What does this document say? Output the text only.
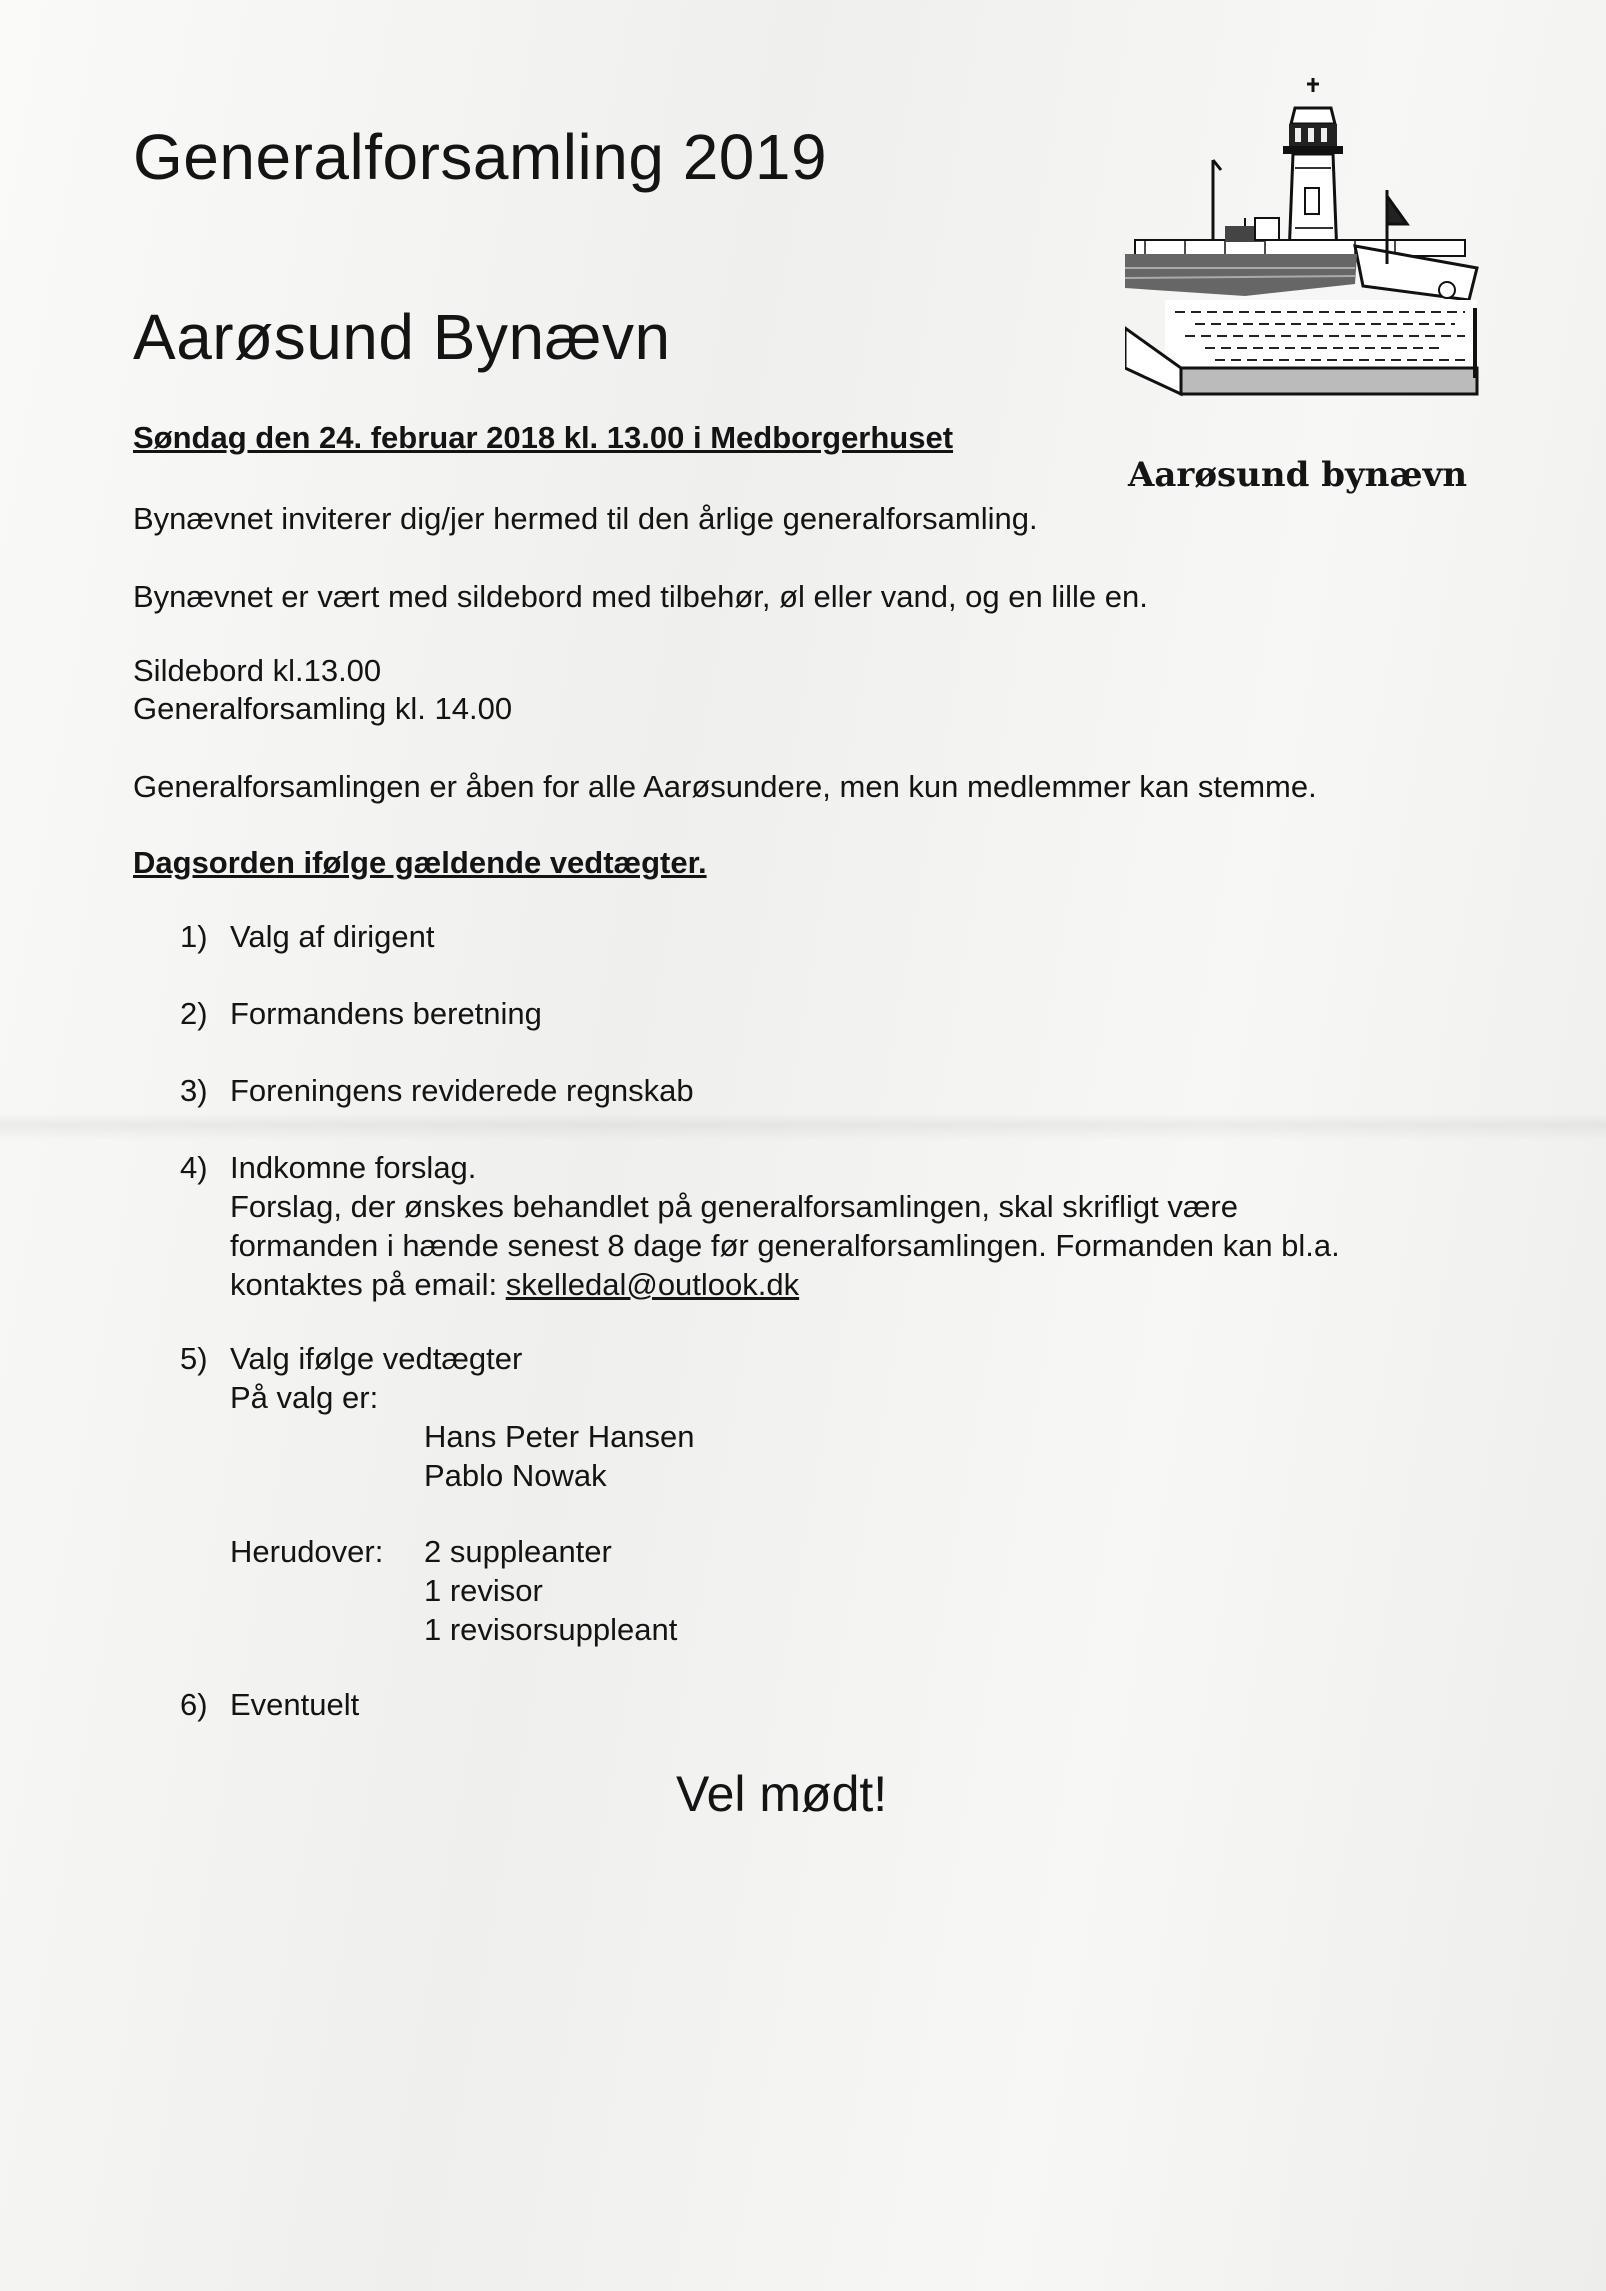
Generalforsamling 2019
Aarøsund Bynævn

Søndag den 24. februar 2018 kl. 13.00 i Medborgerhuset

Aarøsund bynævn

Bynævnet inviterer dig/jer hermed til den årlige generalforsamling.

Bynævnet er vært med sildebord med tilbehør, øl eller vand, og en lille en.

Sildebord kl.13.00

Generalforsamling kl. 14.00

Generalforsamlingen er åben for alle Aarøsundere, men kun medlemmer kan stemme.

Dagsorden ifølge gældende vedtægter.

1) Valg af dirigent
2) Formandens beretning
3) Foreningens reviderede regnskab
4) Indkomne forslag.
Forslag, der ønskes behandlet på generalforsamlingen, skal skrifligt være
formanden i hænde senest 8 dage før generalforsamlingen. Formanden kan bl.a.
kontaktes på email: skelledal@outlook.dk
5) Valg ifølge vedtægter
På valg er:
Hans Peter Hansen
Pablo Nowak
Herudover: 2 suppleanter
1 revisor
1 revisorsuppleant
6) Eventuelt

Vel mødt!
